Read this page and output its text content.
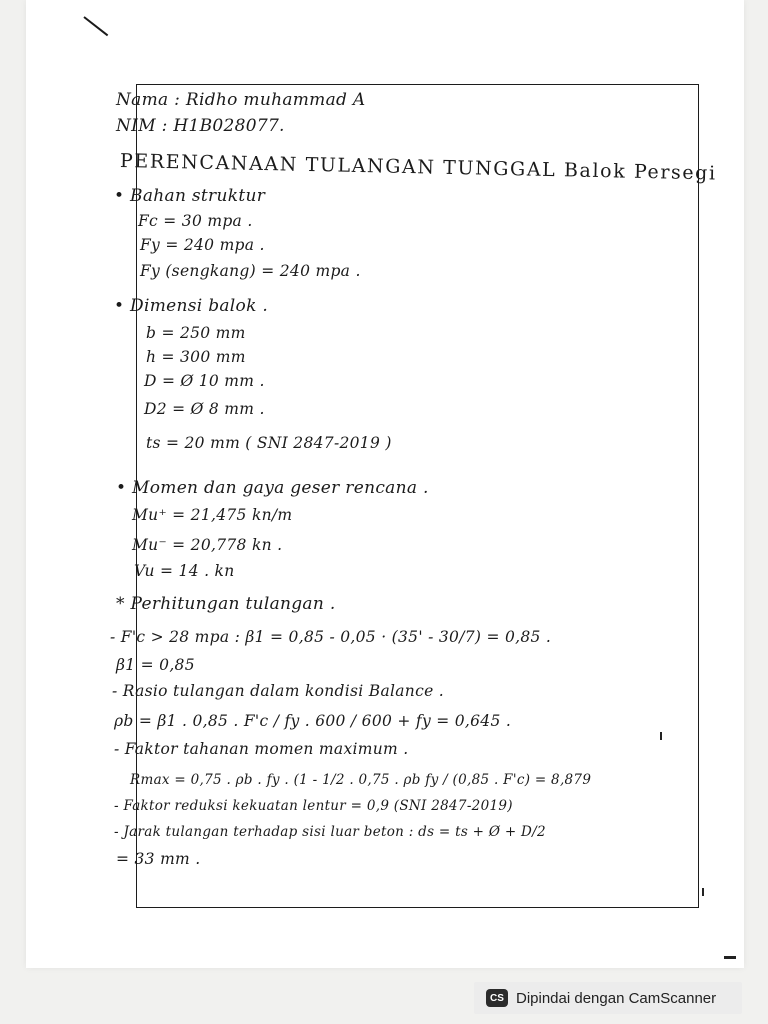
Nama : Ridho muhammad A
NIM : H1B028077.
PERENCANAAN TULANGAN TUNGGAL Balok Persegi
• Bahan struktur
Fc = 30 mpa .
Fy = 240 mpa .
Fy (sengkang) = 240 mpa .
• Dimensi balok .
b = 250 mm
h = 300 mm
D = Ø 10 mm .
D2 = Ø 8 mm .
ts = 20 mm ( SNI 2847-2019 )
• Momen dan gaya geser rencana .
Mu⁺ = 21,475 kn/m
Mu⁻ = 20,778 kn .
Vu = 14 . kn
* Perhitungan tulangan .
- F'c > 28 mpa : β1 = 0,85 - 0,05 · (35' - 30/7) = 0,85 .
β1 = 0,85
- Rasio tulangan dalam kondisi Balance .
ρb = β1 . 0,85 . F'c / fy . 600 / 600 + fy = 0,645 .
- Faktor tahanan momen maximum .
Rmax = 0,75 . ρb . fy . (1 - 1/2 . 0,75 . ρb fy / (0,85 . F'c) = 8,879
- Faktor reduksi kekuatan lentur = 0,9 (SNI 2847-2019)
- Jarak tulangan terhadap sisi luar beton : ds = ts + Ø + D/2
= 33 mm .
CS Dipindai dengan CamScanner
